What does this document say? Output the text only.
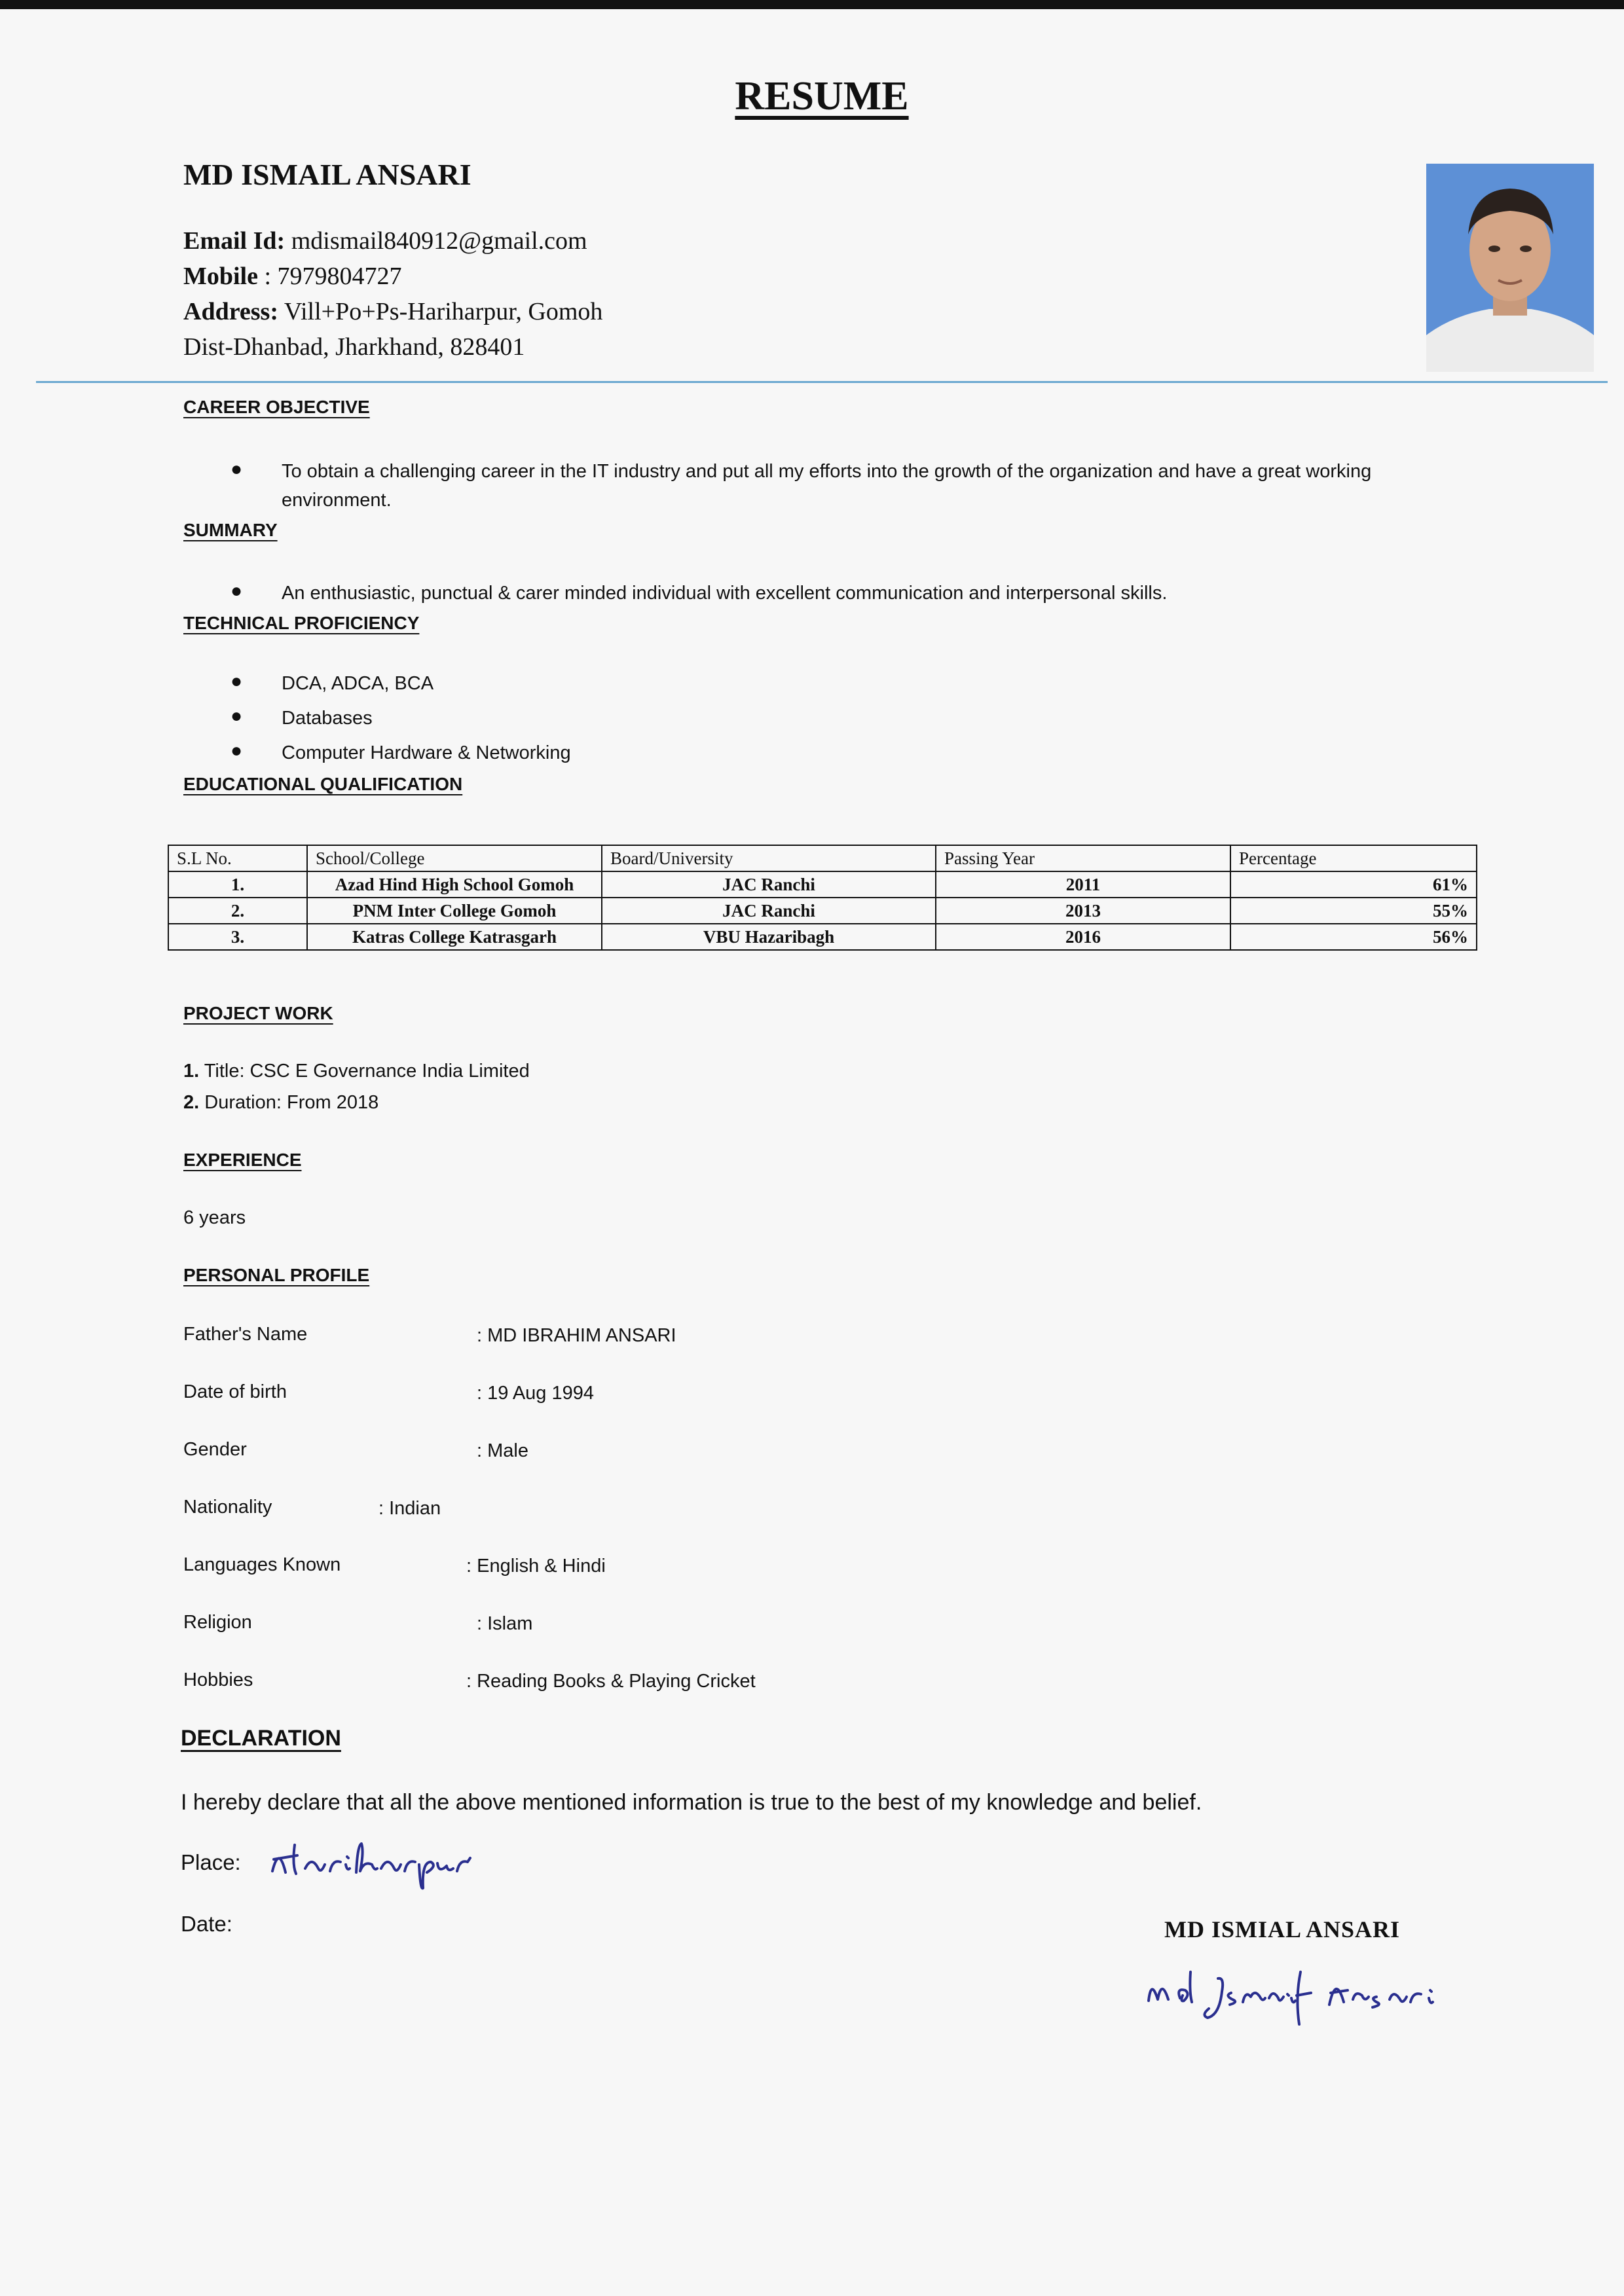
RESUME
MD ISMAIL ANSARI
Email Id: mdismail840912@gmail.com
Mobile : 7979804727
Address: Vill+Po+Ps-Hariharpur, Gomoh
Dist-Dhanbad, Jharkhand, 828401
CAREER OBJECTIVE
● To obtain a challenging career in the IT industry and put all my efforts into the growth of the organization and have a great working
environment.
SUMMARY
● An enthusiastic, punctual & carer minded individual with excellent communication and interpersonal skills.
TECHNICAL PROFICIENCY
● DCA, ADCA, BCA
● Databases
● Computer Hardware & Networking
EDUCATIONAL QUALIFICATION
S.L No.	School/College	Board/University	Passing Year	Percentage
1.	Azad Hind High School Gomoh	JAC Ranchi	2011	61%
2.	PNM Inter College Gomoh	JAC Ranchi	2013	55%
3.	Katras College Katrasgarh	VBU Hazaribagh	2016	56%
PROJECT WORK
1. Title: CSC E Governance India Limited
2. Duration: From 2018
EXPERIENCE
6 years
PERSONAL PROFILE
Father's Name	: MD IBRAHIM ANSARI
Date of birth	: 19 Aug 1994
Gender	: Male
Nationality	: Indian
Languages Known	: English & Hindi
Religion	: Islam
Hobbies	: Reading Books & Playing Cricket
DECLARATION
I hereby declare that all the above mentioned information is true to the best of my knowledge and belief.
Place:
Date:	MD ISMIAL ANSARI
